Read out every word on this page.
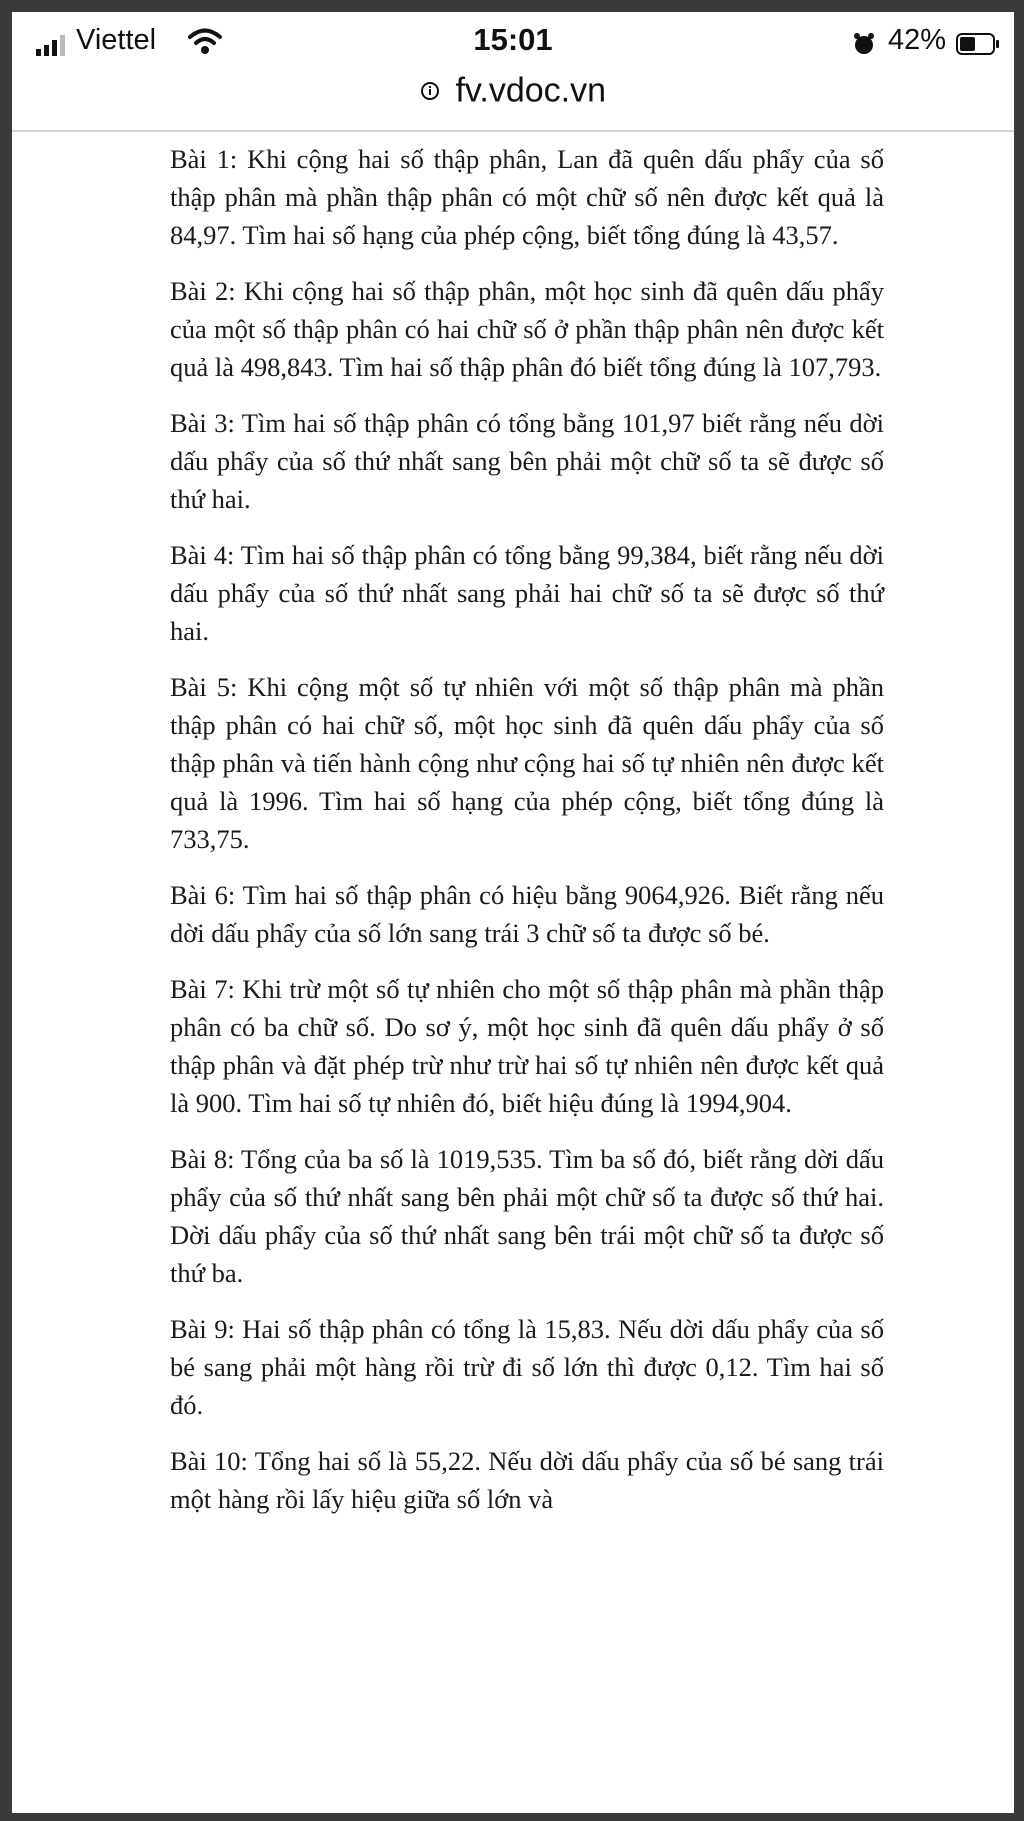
Viettel	15:01	42%
fv.vdoc.vn

Bài 1: Khi cộng hai số thập phân, Lan đã quên dấu phẩy của số thập phân mà phần thập phân có một chữ số nên được kết quả là 84,97. Tìm hai số hạng của phép cộng, biết tổng đúng là 43,57.

Bài 2: Khi cộng hai số thập phân, một học sinh đã quên dấu phẩy của một số thập phân có hai chữ số ở phần thập phân nên được kết quả là 498,843. Tìm hai số thập phân đó biết tổng đúng là 107,793.

Bài 3: Tìm hai số thập phân có tổng bằng 101,97 biết rằng nếu dời dấu phẩy của số thứ nhất sang bên phải một chữ số ta sẽ được số thứ hai.

Bài 4: Tìm hai số thập phân có tổng bằng 99,384, biết rằng nếu dời dấu phẩy của số thứ nhất sang phải hai chữ số ta sẽ được số thứ hai.

Bài 5: Khi cộng một số tự nhiên với một số thập phân mà phần thập phân có hai chữ số, một học sinh đã quên dấu phẩy của số thập phân và tiến hành cộng như cộng hai số tự nhiên nên được kết quả là 1996. Tìm hai số hạng của phép cộng, biết tổng đúng là 733,75.

Bài 6: Tìm hai số thập phân có hiệu bằng 9064,926. Biết rằng nếu dời dấu phẩy của số lớn sang trái 3 chữ số ta được số bé.

Bài 7: Khi trừ một số tự nhiên cho một số thập phân mà phần thập phân có ba chữ số. Do sơ ý, một học sinh đã quên dấu phẩy ở số thập phân và đặt phép trừ như trừ hai số tự nhiên nên được kết quả là 900. Tìm hai số tự nhiên đó, biết hiệu đúng là 1994,904.

Bài 8: Tổng của ba số là 1019,535. Tìm ba số đó, biết rằng dời dấu phẩy của số thứ nhất sang bên phải một chữ số ta được số thứ hai. Dời dấu phẩy của số thứ nhất sang bên trái một chữ số ta được số thứ ba.

Bài 9: Hai số thập phân có tổng là 15,83. Nếu dời dấu phẩy của số bé sang phải một hàng rồi trừ đi số lớn thì được 0,12. Tìm hai số đó.

Bài 10: Tổng hai số là 55,22. Nếu dời dấu phẩy của số bé sang trái một hàng rồi lấy hiệu giữa số lớn và
